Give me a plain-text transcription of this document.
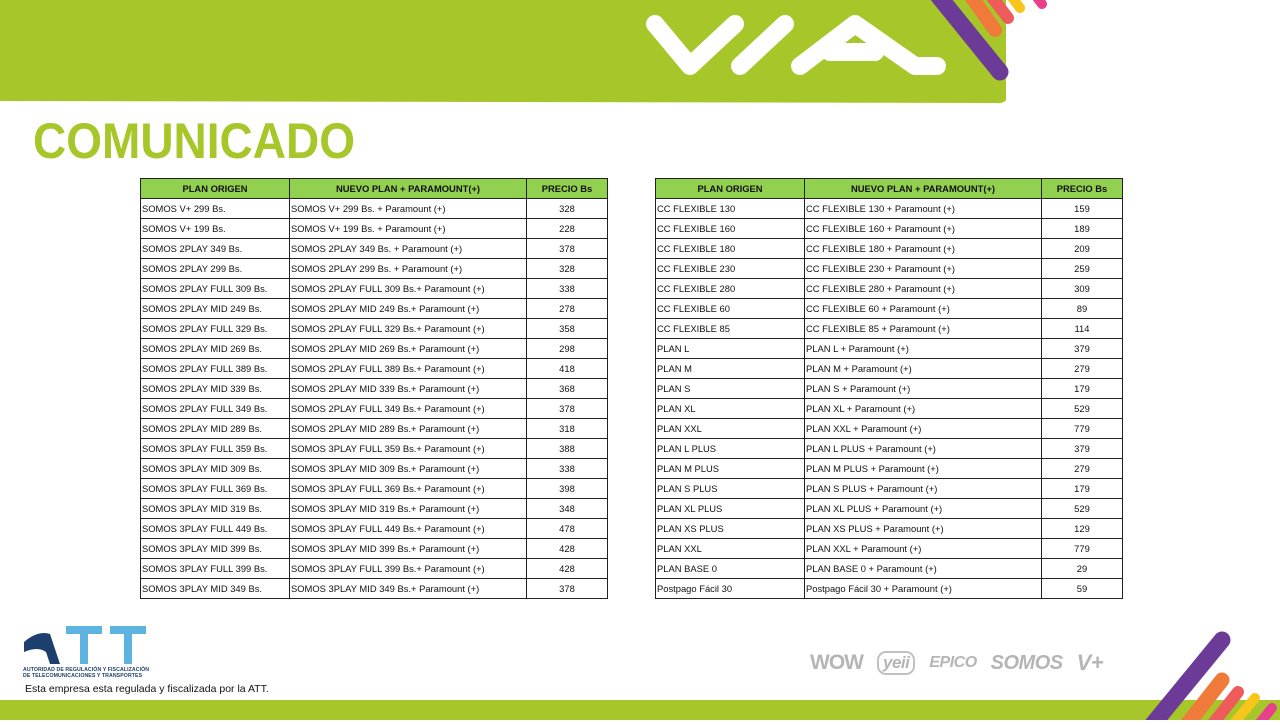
COMUNICADO
PLAN ORIGEN	NUEVO PLAN + PARAMOUNT(+)	PRECIO Bs
SOMOS V+ 299 Bs.	SOMOS V+ 299 Bs. + Paramount (+)	328
SOMOS V+ 199 Bs.	SOMOS V+ 199 Bs. + Paramount (+)	228
SOMOS 2PLAY 349 Bs.	SOMOS 2PLAY 349 Bs. + Paramount (+)	378
SOMOS 2PLAY 299 Bs.	SOMOS 2PLAY 299 Bs. + Paramount (+)	328
SOMOS 2PLAY FULL 309 Bs.	SOMOS 2PLAY FULL 309 Bs.+ Paramount (+)	338
SOMOS 2PLAY MID 249 Bs.	SOMOS 2PLAY MID 249 Bs.+ Paramount (+)	278
SOMOS 2PLAY FULL 329 Bs.	SOMOS 2PLAY FULL 329 Bs.+ Paramount (+)	358
SOMOS 2PLAY MID 269 Bs.	SOMOS 2PLAY MID 269 Bs.+ Paramount (+)	298
SOMOS 2PLAY FULL 389 Bs.	SOMOS 2PLAY FULL 389 Bs.+ Paramount (+)	418
SOMOS 2PLAY MID 339 Bs.	SOMOS 2PLAY MID 339 Bs.+ Paramount (+)	368
SOMOS 2PLAY FULL 349 Bs.	SOMOS 2PLAY FULL 349 Bs.+ Paramount (+)	378
SOMOS 2PLAY MID 289 Bs.	SOMOS 2PLAY MID 289 Bs.+ Paramount (+)	318
SOMOS 3PLAY FULL 359 Bs.	SOMOS 3PLAY FULL 359 Bs.+ Paramount (+)	388
SOMOS 3PLAY MID 309 Bs.	SOMOS 3PLAY MID 309 Bs.+ Paramount (+)	338
SOMOS 3PLAY FULL 369 Bs.	SOMOS 3PLAY FULL 369 Bs.+ Paramount (+)	398
SOMOS 3PLAY MID 319 Bs.	SOMOS 3PLAY MID 319 Bs.+ Paramount (+)	348
SOMOS 3PLAY FULL 449 Bs.	SOMOS 3PLAY FULL 449 Bs.+ Paramount (+)	478
SOMOS 3PLAY MID 399 Bs.	SOMOS 3PLAY MID 399 Bs.+ Paramount (+)	428
SOMOS 3PLAY FULL 399 Bs.	SOMOS 3PLAY FULL 399 Bs.+ Paramount (+)	428
SOMOS 3PLAY MID 349 Bs.	SOMOS 3PLAY MID 349 Bs.+ Paramount (+)	378
PLAN ORIGEN	NUEVO PLAN + PARAMOUNT(+)	PRECIO Bs
CC FLEXIBLE 130	CC FLEXIBLE 130 + Paramount (+)	159
CC FLEXIBLE 160	CC FLEXIBLE 160 + Paramount (+)	189
CC FLEXIBLE 180	CC FLEXIBLE 180 + Paramount (+)	209
CC FLEXIBLE 230	CC FLEXIBLE 230 + Paramount (+)	259
CC FLEXIBLE 280	CC FLEXIBLE 280 + Paramount (+)	309
CC FLEXIBLE 60	CC FLEXIBLE 60 + Paramount (+)	89
CC FLEXIBLE 85	CC FLEXIBLE 85 + Paramount (+)	114
PLAN L	PLAN L + Paramount (+)	379
PLAN M	PLAN M + Paramount (+)	279
PLAN S	PLAN S + Paramount (+)	179
PLAN XL	PLAN XL + Paramount (+)	529
PLAN XXL	PLAN XXL + Paramount (+)	779
PLAN L PLUS	PLAN L PLUS + Paramount (+)	379
PLAN M PLUS	PLAN M PLUS + Paramount (+)	279
PLAN S PLUS	PLAN S PLUS + Paramount (+)	179
PLAN XL PLUS	PLAN XL PLUS + Paramount (+)	529
PLAN XS PLUS	PLAN XS PLUS + Paramount (+)	129
PLAN XXL	PLAN XXL + Paramount (+)	779
PLAN BASE 0	PLAN BASE 0 + Paramount (+)	29
Postpago Fácil 30	Postpago Fácil 30 + Paramount (+)	59
AUTORIDAD DE REGULACIÓN Y FISCALIZACIÓN
DE TELECOMUNICACIONES Y TRANSPORTES
Esta empresa esta regulada y fiscalizada por la ATT.
WOW	yeii	EPICO SOMOS V+
